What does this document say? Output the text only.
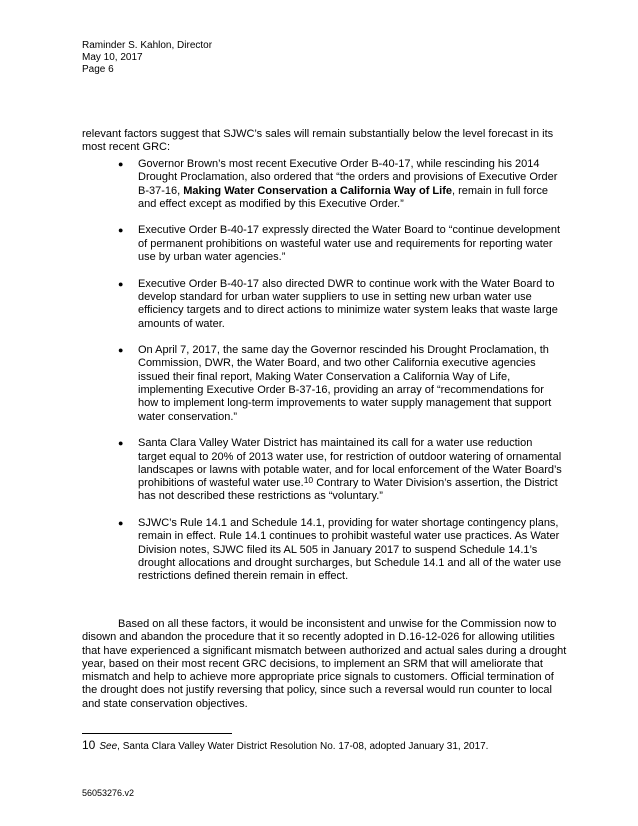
Raminder S. Kahlon, Director
May 10, 2017
Page 6
relevant factors suggest that SJWC’s sales will remain substantially below the level forecast in its most recent GRC:
● Governor Brown’s most recent Executive Order B-40-17, while rescinding his 2014 Drought Proclamation, also ordered that “the orders and provisions of Executive Order B-37-16, Making Water Conservation a California Way of Life, remain in full force and effect except as modified by this Executive Order.”
● Executive Order B-40-17 expressly directed the Water Board to “continue development of permanent prohibitions on wasteful water use and requirements for reporting water use by urban water agencies.”
● Executive Order B-40-17 also directed DWR to continue work with the Water Board to develop standard for urban water suppliers to use in setting new urban water use efficiency targets and to direct actions to minimize water system leaks that waste large amounts of water.
● On April 7, 2017, the same day the Governor rescinded his Drought Proclamation, th Commission, DWR, the Water Board, and two other California executive agencies issued their final report, Making Water Conservation a California Way of Life, implementing Executive Order B-37-16, providing an array of “recommendations for how to implement long-term improvements to water supply management that support water conservation.”
● Santa Clara Valley Water District has maintained its call for a water use reduction target equal to 20% of 2013 water use, for restriction of outdoor watering of ornamental landscapes or lawns with potable water, and for local enforcement of the Water Board’s prohibitions of wasteful water use.$^{10}$ Contrary to Water Division’s assertion, the District has not described these restrictions as “voluntary.”
● SJWC’s Rule 14.1 and Schedule 14.1, providing for water shortage contingency plans, remain in effect. Rule 14.1 continues to prohibit wasteful water use practices. As Water Division notes, SJWC filed its AL 505 in January 2017 to suspend Schedule 14.1’s drought allocations and drought surcharges, but Schedule 14.1 and all of the water use restrictions defined therein remain in effect.
Based on all these factors, it would be inconsistent and unwise for the Commission now to disown and abandon the procedure that it so recently adopted in D.16-12-026 for allowing utilities that have experienced a significant mismatch between authorized and actual sales during a drought year, based on their most recent GRC decisions, to implement an SRM that will ameliorate that mismatch and help to achieve more appropriate price signals to customers. Official termination of the drought does not justify reversing that policy, since such a reversal would run counter to local and state conservation objectives.
10 See, Santa Clara Valley Water District Resolution No. 17-08, adopted January 31, 2017.
56053276.v2
